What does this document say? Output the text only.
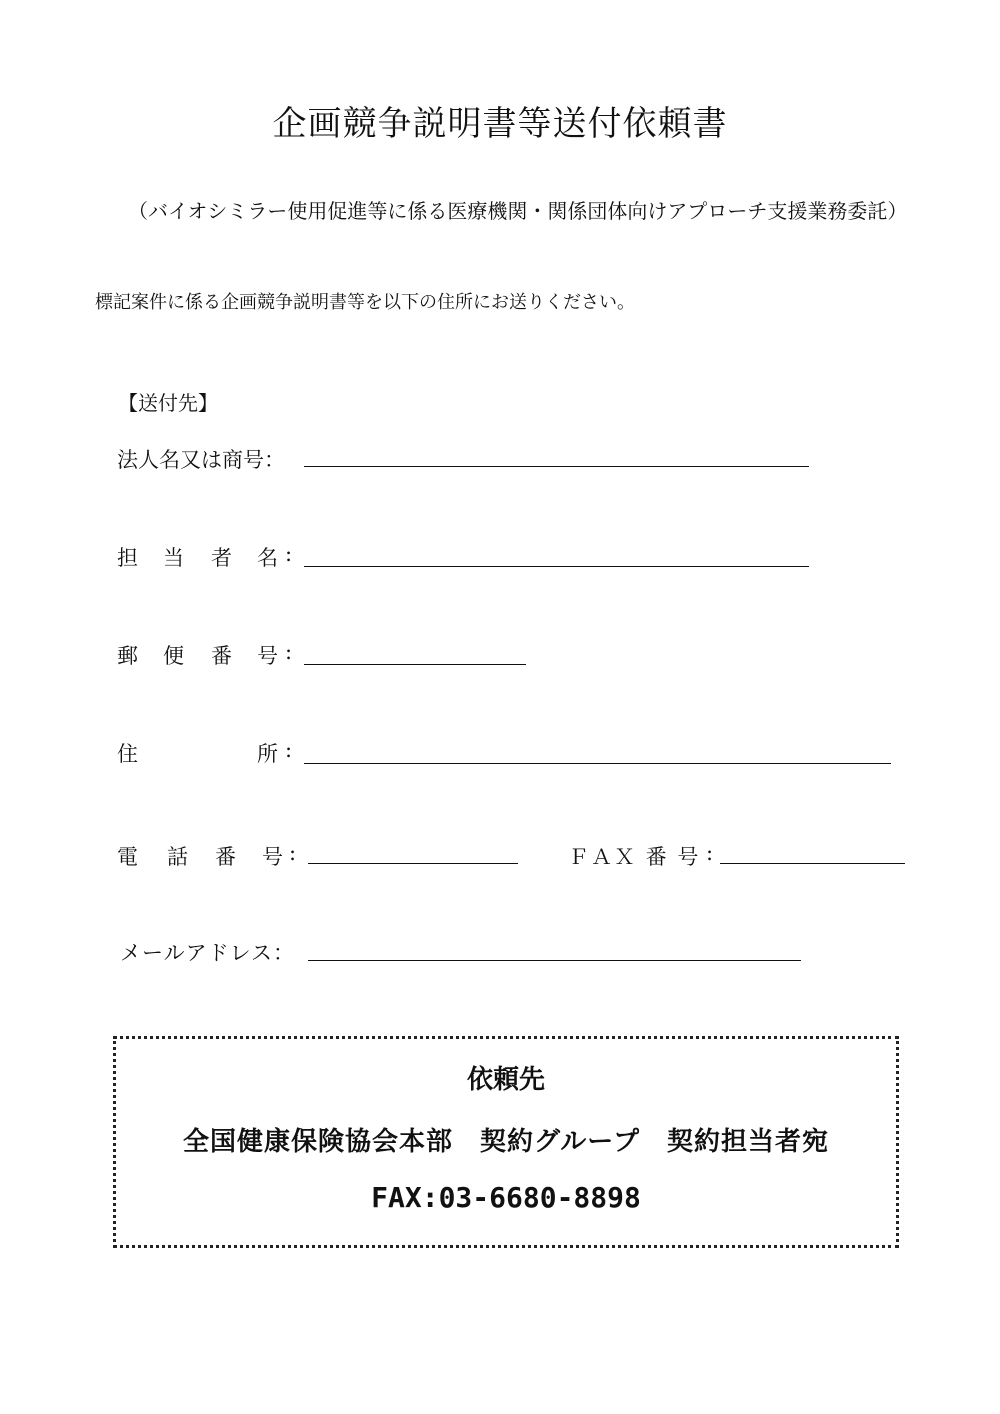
企画競争説明書等送付依頼書
（バイオシミラー使用促進等に係る医療機関・関係団体向けアプローチ支援業務委託）
標記案件に係る企画競争説明書等を以下の住所にお送りください。
【送付先】
法人名又は商号：
担 当 者 名 :
郵 便 番 号 :
住	所 :
電 話 番 号 :	ＦＡＸ 番 号 :
メールアドレス：
依頼先
全国健康保険協会本部　契約グループ　契約担当者宛
FAX:03-6680-8898
